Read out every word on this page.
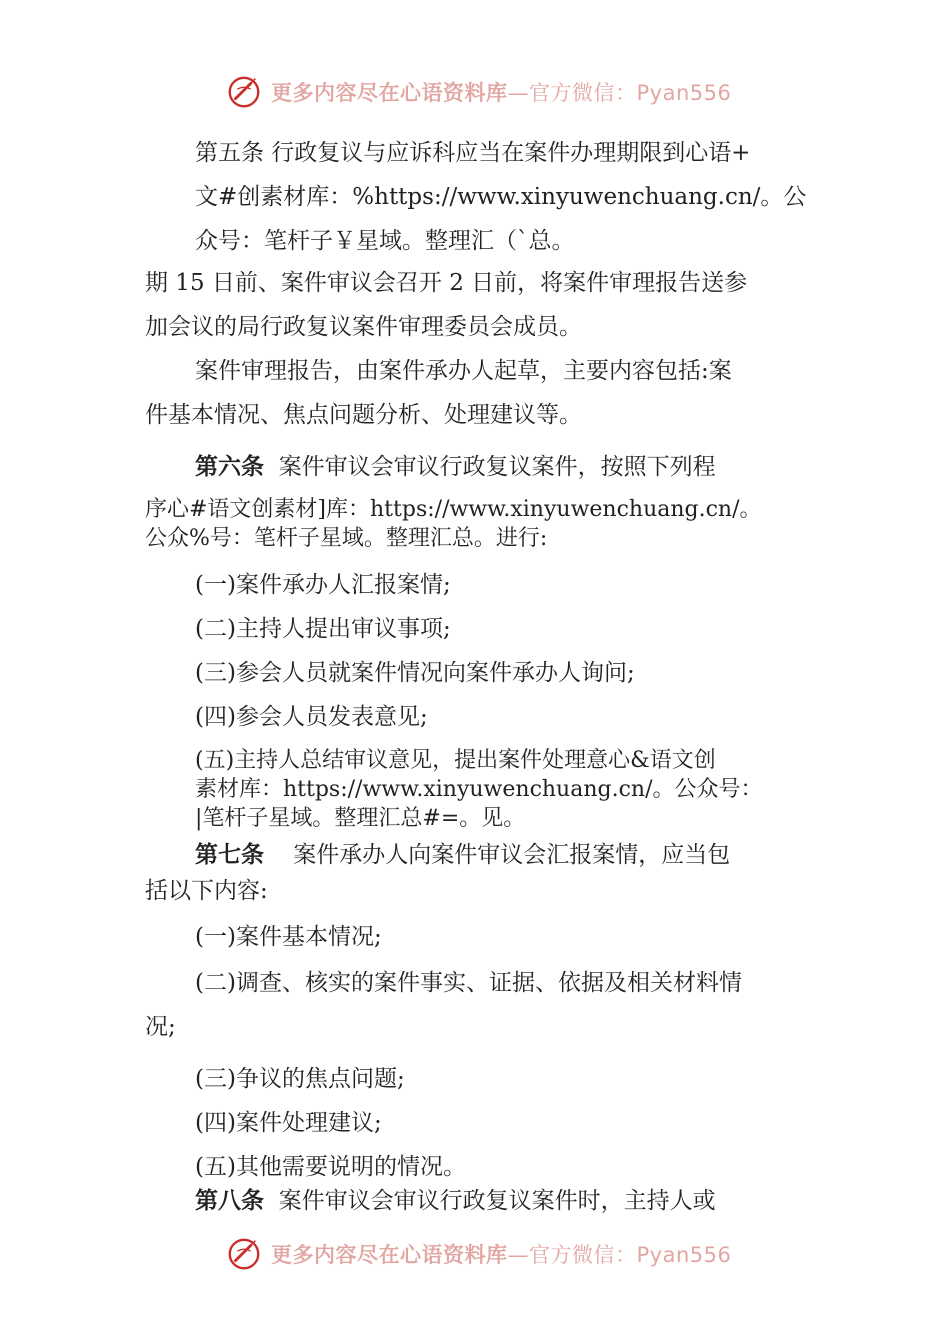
更多内容尽在心语资料库—官方微信：Pyan556
第五条 行政复议与应诉科应当在案件办理期限到心语+
文#创素材库：%https://www.xinyuwenchuang.cn/。公
众号：笔杆子￥星域。整理汇（`总。
期 15 日前、案件审议会召开 2 日前，将案件审理报告送参
加会议的局行政复议案件审理委员会成员。
案件审理报告，由案件承办人起草，主要内容包括:案
件基本情况、焦点问题分析、处理建议等。
第六条 案件审议会审议行政复议案件，按照下列程
序心#语文创素材]库：https://www.xinyuwenchuang.cn/。
公众%号：笔杆子星域。整理汇总。进行:
(一)案件承办人汇报案情;
(二)主持人提出审议事项;
(三)参会人员就案件情况向案件承办人询问;
(四)参会人员发表意见;
(五)主持人总结审议意见，提出案件处理意心&语文创
素材库：https://www.xinyuwenchuang.cn/。公众号：
|笔杆子星域。整理汇总#=。见。
第七条 案件承办人向案件审议会汇报案情，应当包
括以下内容:
(一)案件基本情况;
(二)调查、核实的案件事实、证据、依据及相关材料情
况;
(三)争议的焦点问题;
(四)案件处理建议;
(五)其他需要说明的情况。
第八条 案件审议会审议行政复议案件时，主持人或
更多内容尽在心语资料库—官方微信：Pyan556
